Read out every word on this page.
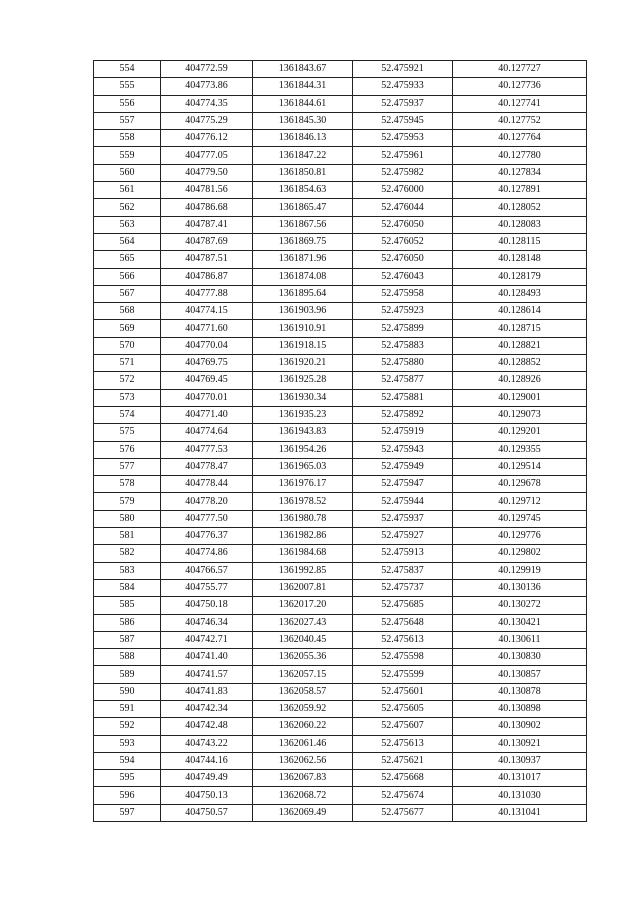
554	404772.59	1361843.67	52.475921	40.127727
555	404773.86	1361844.31	52.475933	40.127736
556	404774.35	1361844.61	52.475937	40.127741
557	404775.29	1361845.30	52.475945	40.127752
558	404776.12	1361846.13	52.475953	40.127764
559	404777.05	1361847.22	52.475961	40.127780
560	404779.50	1361850.81	52.475982	40.127834
561	404781.56	1361854.63	52.476000	40.127891
562	404786.68	1361865.47	52.476044	40.128052
563	404787.41	1361867.56	52.476050	40.128083
564	404787.69	1361869.75	52.476052	40.128115
565	404787.51	1361871.96	52.476050	40.128148
566	404786.87	1361874.08	52.476043	40.128179
567	404777.88	1361895.64	52.475958	40.128493
568	404774.15	1361903.96	52.475923	40.128614
569	404771.60	1361910.91	52.475899	40.128715
570	404770.04	1361918.15	52.475883	40.128821
571	404769.75	1361920.21	52.475880	40.128852
572	404769.45	1361925.28	52.475877	40.128926
573	404770.01	1361930.34	52.475881	40.129001
574	404771.40	1361935.23	52.475892	40.129073
575	404774.64	1361943.83	52.475919	40.129201
576	404777.53	1361954.26	52.475943	40.129355
577	404778.47	1361965.03	52.475949	40.129514
578	404778.44	1361976.17	52.475947	40.129678
579	404778.20	1361978.52	52.475944	40.129712
580	404777.50	1361980.78	52.475937	40.129745
581	404776.37	1361982.86	52.475927	40.129776
582	404774.86	1361984.68	52.475913	40.129802
583	404766.57	1361992.85	52.475837	40.129919
584	404755.77	1362007.81	52.475737	40.130136
585	404750.18	1362017.20	52.475685	40.130272
586	404746.34	1362027.43	52.475648	40.130421
587	404742.71	1362040.45	52.475613	40.130611
588	404741.40	1362055.36	52.475598	40.130830
589	404741.57	1362057.15	52.475599	40.130857
590	404741.83	1362058.57	52.475601	40.130878
591	404742.34	1362059.92	52.475605	40.130898
592	404742.48	1362060.22	52.475607	40.130902
593	404743.22	1362061.46	52.475613	40.130921
594	404744.16	1362062.56	52.475621	40.130937
595	404749.49	1362067.83	52.475668	40.131017
596	404750.13	1362068.72	52.475674	40.131030
597	404750.57	1362069.49	52.475677	40.131041
